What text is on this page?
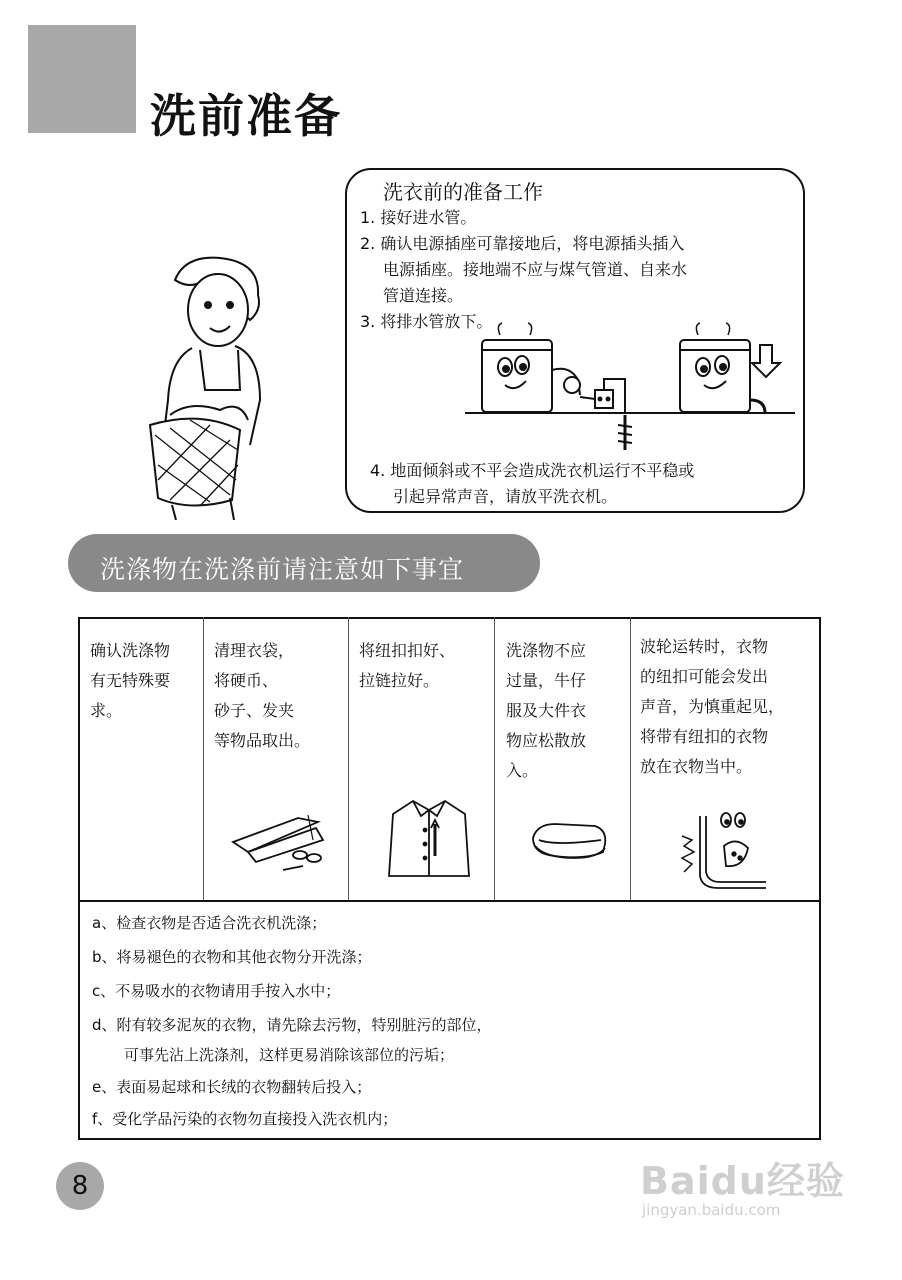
洗前准备
洗衣前的准备工作
1. 接好进水管。
2. 确认电源插座可靠接地后，将电源插头插入
电源插座。接地端不应与煤气管道、自来水
管道连接。
3. 将排水管放下。
4. 地面倾斜或不平会造成洗衣机运行不平稳或
引起异常声音，请放平洗衣机。
洗涤物在洗涤前请注意如下事宜
确认洗涤物
有无特殊要
求。
清理衣袋，
将硬币、
砂子、发夹
等物品取出。
将纽扣扣好、
拉链拉好。
洗涤物不应
过量，牛仔
服及大件衣
物应松散放
入。
波轮运转时，衣物
的纽扣可能会发出
声音，为慎重起见，
将带有纽扣的衣物
放在衣物当中。
a、检查衣物是否适合洗衣机洗涤；
b、将易褪色的衣物和其他衣物分开洗涤；
c、不易吸水的衣物请用手按入水中；
d、附有较多泥灰的衣物，请先除去污物，特别脏污的部位，
可事先沾上洗涤剂，这样更易消除该部位的污垢；
e、表面易起球和长绒的衣物翻转后投入；
f、受化学品污染的衣物勿直接投入洗衣机内；
8	Baidu经验
jingyan.baidu.com
